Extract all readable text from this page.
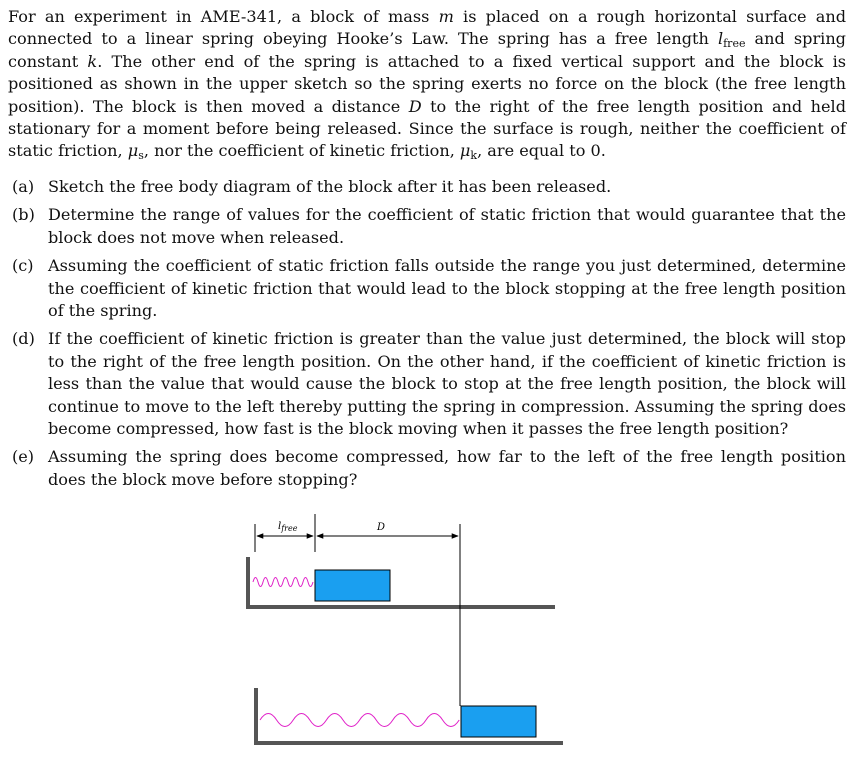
For an experiment in AME-341, a block of mass m is placed on a rough horizontal surface and connected to a linear spring obeying Hooke’s Law. The spring has a free length $l_{free}$ and spring constant k. The other end of the spring is attached to a fixed vertical support and the block is positioned as shown in the upper sketch so the spring exerts no force on the block (the free length position). The block is then moved a distance D to the right of the free length position and held stationary for a moment before being released. Since the surface is rough, neither the coefficient of static friction, $\mu_s$, nor the coefficient of kinetic friction, $\mu_k$, are equal to 0.

(a) Sketch the free body diagram of the block after it has been released.
(b) Determine the range of values for the coefficient of static friction that would guarantee that the block does not move when released.
(c) Assuming the coefficient of static friction falls outside the range you just determined, determine the coefficient of kinetic friction that would lead to the block stopping at the free length position of the spring.
(d) If the coefficient of kinetic friction is greater than the value just determined, the block will stop to the right of the free length position. On the other hand, if the coefficient of kinetic friction is less than the value that would cause the block to stop at the free length position, the block will continue to move to the left thereby putting the spring in compression. Assuming the spring does become compressed, how fast is the block moving when it passes the free length position?
(e) Assuming the spring does become compressed, how far to the left of the free length position does the block move before stopping?
$l_{free}$	D
